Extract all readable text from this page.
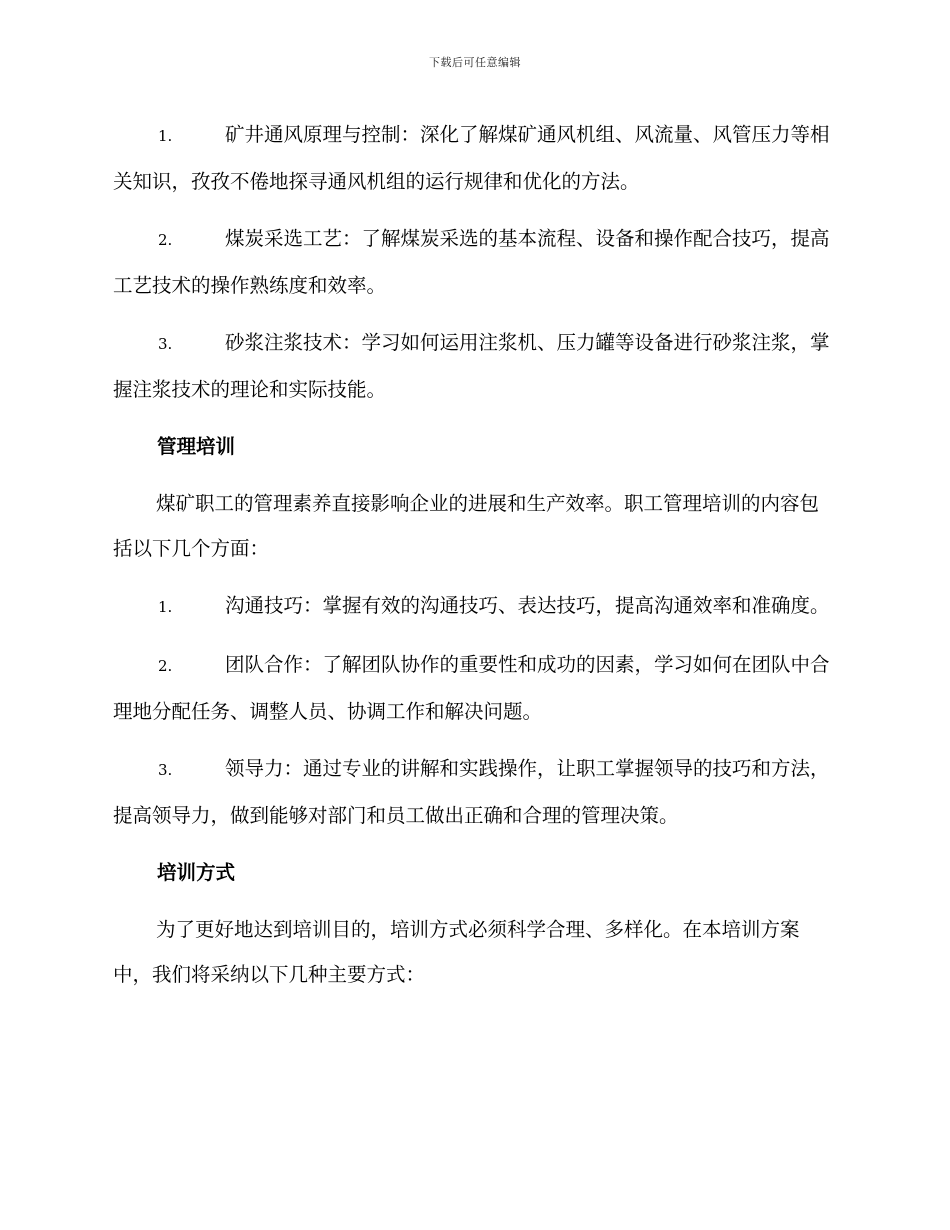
下载后可任意编辑

1.	矿井通风原理与控制：深化了解煤矿通风机组、风流量、风管压力等相关知识，孜孜不倦地探寻通风机组的运行规律和优化的方法。

2.	煤炭采选工艺：了解煤炭采选的基本流程、设备和操作配合技巧，提高工艺技术的操作熟练度和效率。

3.	砂浆注浆技术：学习如何运用注浆机、压力罐等设备进行砂浆注浆，掌握注浆技术的理论和实际技能。

管理培训

煤矿职工的管理素养直接影响企业的进展和生产效率。职工管理培训的内容包括以下几个方面：

1.	沟通技巧：掌握有效的沟通技巧、表达技巧，提高沟通效率和准确度。

2.	团队合作：了解团队协作的重要性和成功的因素，学习如何在团队中合理地分配任务、调整人员、协调工作和解决问题。

3.	领导力：通过专业的讲解和实践操作，让职工掌握领导的技巧和方法，提高领导力，做到能够对部门和员工做出正确和合理的管理决策。

培训方式

为了更好地达到培训目的，培训方式必须科学合理、多样化。在本培训方案中，我们将采纳以下几种主要方式：
